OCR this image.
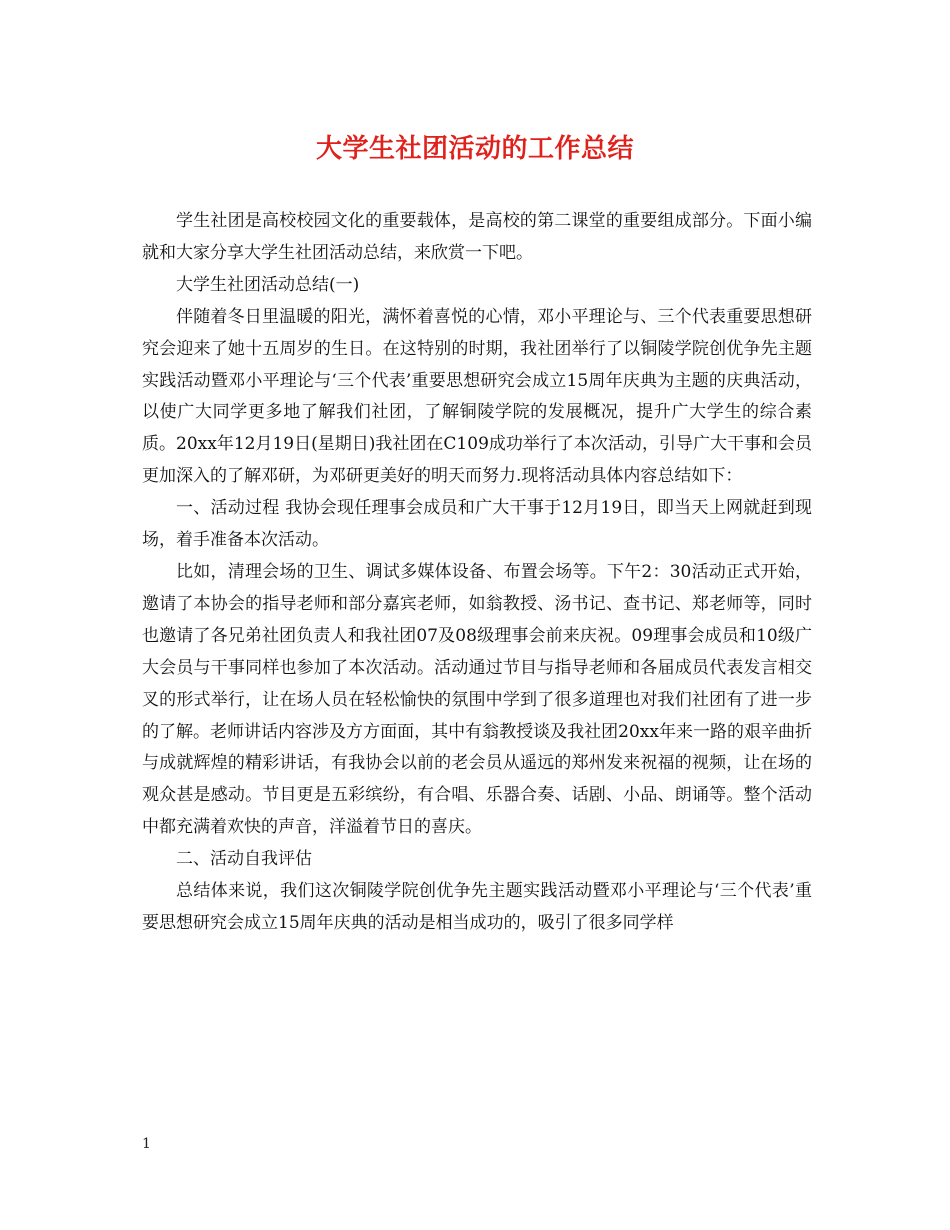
大学生社团活动的工作总结

学生社团是高校校园文化的重要载体，是高校的第二课堂的重要组成部分。下面小编就和大家分享大学生社团活动总结，来欣赏一下吧。

大学生社团活动总结(一)

伴随着冬日里温暖的阳光，满怀着喜悦的心情，邓小平理论与、三个代表重要思想研究会迎来了她十五周岁的生日。在这特别的时期，我社团举行了以铜陵学院创优争先主题实践活动暨邓小平理论与‘三个代表’重要思想研究会成立15周年庆典为主题的庆典活动，以使广大同学更多地了解我们社团，了解铜陵学院的发展概况，提升广大学生的综合素质。20xx年12月19日(星期日)我社团在C109成功举行了本次活动，引导广大干事和会员更加深入的了解邓研，为邓研更美好的明天而努力.现将活动具体内容总结如下：

一、活动过程 我协会现任理事会成员和广大干事于12月19日，即当天上网就赶到现场，着手准备本次活动。

比如，清理会场的卫生、调试多媒体设备、布置会场等。下午2：30活动正式开始，邀请了本协会的指导老师和部分嘉宾老师，如翁教授、汤书记、查书记、郑老师等，同时也邀请了各兄弟社团负责人和我社团07及08级理事会前来庆祝。09理事会成员和10级广大会员与干事同样也参加了本次活动。活动通过节目与指导老师和各届成员代表发言相交叉的形式举行，让在场人员在轻松愉快的氛围中学到了很多道理也对我们社团有了进一步的了解。老师讲话内容涉及方方面面，其中有翁教授谈及我社团20xx年来一路的艰辛曲折与成就辉煌的精彩讲话，有我协会以前的老会员从遥远的郑州发来祝福的视频，让在场的观众甚是感动。节目更是五彩缤纷，有合唱、乐器合奏、话剧、小品、朗诵等。整个活动中都充满着欢快的声音，洋溢着节日的喜庆。

二、活动自我评估

总结体来说，我们这次铜陵学院创优争先主题实践活动暨邓小平理论与‘三个代表’重要思想研究会成立15周年庆典的活动是相当成功的，吸引了很多同学样

1
